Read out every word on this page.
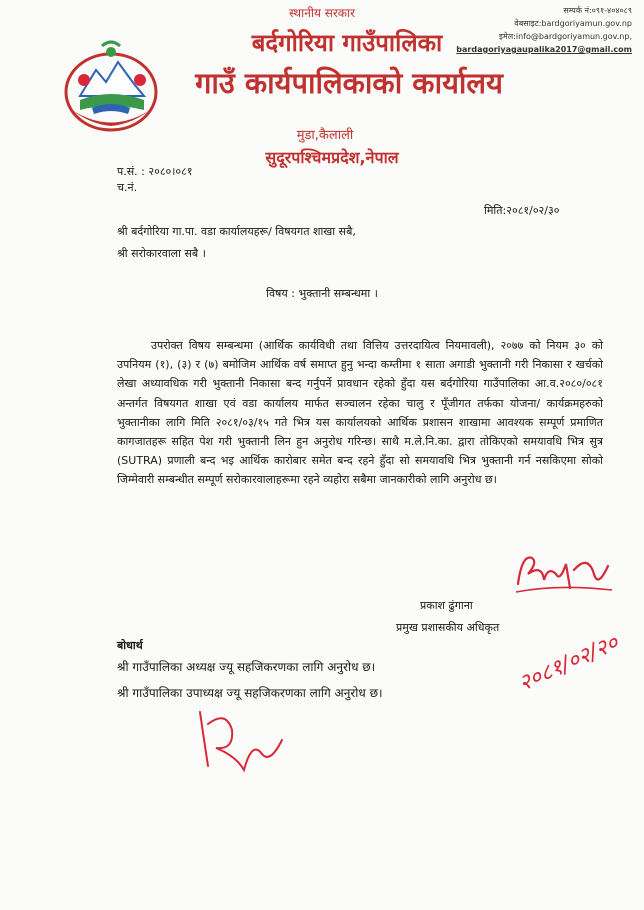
स्थानीय सरकार
बर्दगोरिया गाउँपालिका
गाउँ कार्यपालिकाको कार्यालय
मुडा,कैलाली
सुदूरपश्चिमप्रदेश,नेपाल
सम्पर्क नं:०९१-४०४०८९
वेबसाइट:bardgoriyamun.gov.np
इमेल:info@bardgoriyamun.gov.np,
bardagoriyagaupalika2017@gmail.com
प.सं. : २०८०।०८१
च.नं.
मिति:२०८१/०२/३०
श्री बर्दगोरिया गा.पा. वडा कार्यालयहरू/ विषयगत शाखा सबै,
श्री सरोकारवाला सबै ।
विषय : भुक्तानी सम्बन्धमा ।

उपरोक्त विषय सम्बन्धमा (आर्थिक कार्यविधी तथा वित्तिय उत्तरदायित्व नियमावली), २०७७ को नियम ३० को उपनियम (१), (३) र (७) बमोजिम आर्थिक वर्ष समाप्त हुनु भन्दा कम्तीमा १ साता अगाडी भुक्तानी गरी निकासा र खर्चको लेखा अध्यावधिक गरी भुक्तानी निकासा बन्द गर्नुपर्ने प्रावधान रहेको हुँदा यस बर्दगोरिया गाउँपालिका आ.व.२०८०/०८१ अन्तर्गत विषयगत शाखा एवं वडा कार्यालय मार्फत सञ्चालन रहेका चालु र पूँजीगत तर्फका योजना/ कार्यक्रमहरुको भुक्तानीका लागि मिति २०८१/०३/१५ गते भित्र यस कार्यालयको आर्थिक प्रशासन शाखामा आवश्यक सम्पूर्ण प्रमाणित कागजातहरू सहित पेश गरी भुक्तानी लिन हुन अनुरोध गरिन्छ। साथै म.ले.नि.का. द्वारा तोकिएको समयावधि भित्र सुत्र (SUTRA) प्रणाली बन्द भइ आर्थिक कारोबार समेत बन्द रहने हुँदा सो समयावधि भित्र भुक्तानी गर्न नसकिएमा सोको जिम्मेवारी सम्बन्धीत सम्पूर्ण सरोकारवालाहरूमा रहने व्यहोरा सबैमा जानकारीको लागि अनुरोध छ।

प्रकाश ढुंगाना
प्रमुख प्रशासकीय अधिकृत
२०८१/०२/२०
बोधार्थ
श्री गाउँपालिका अध्यक्ष ज्यू सहजिकरणका लागि अनुरोध छ।
श्री गाउँपालिका उपाध्यक्ष ज्यू सहजिकरणका लागि अनुरोध छ।
